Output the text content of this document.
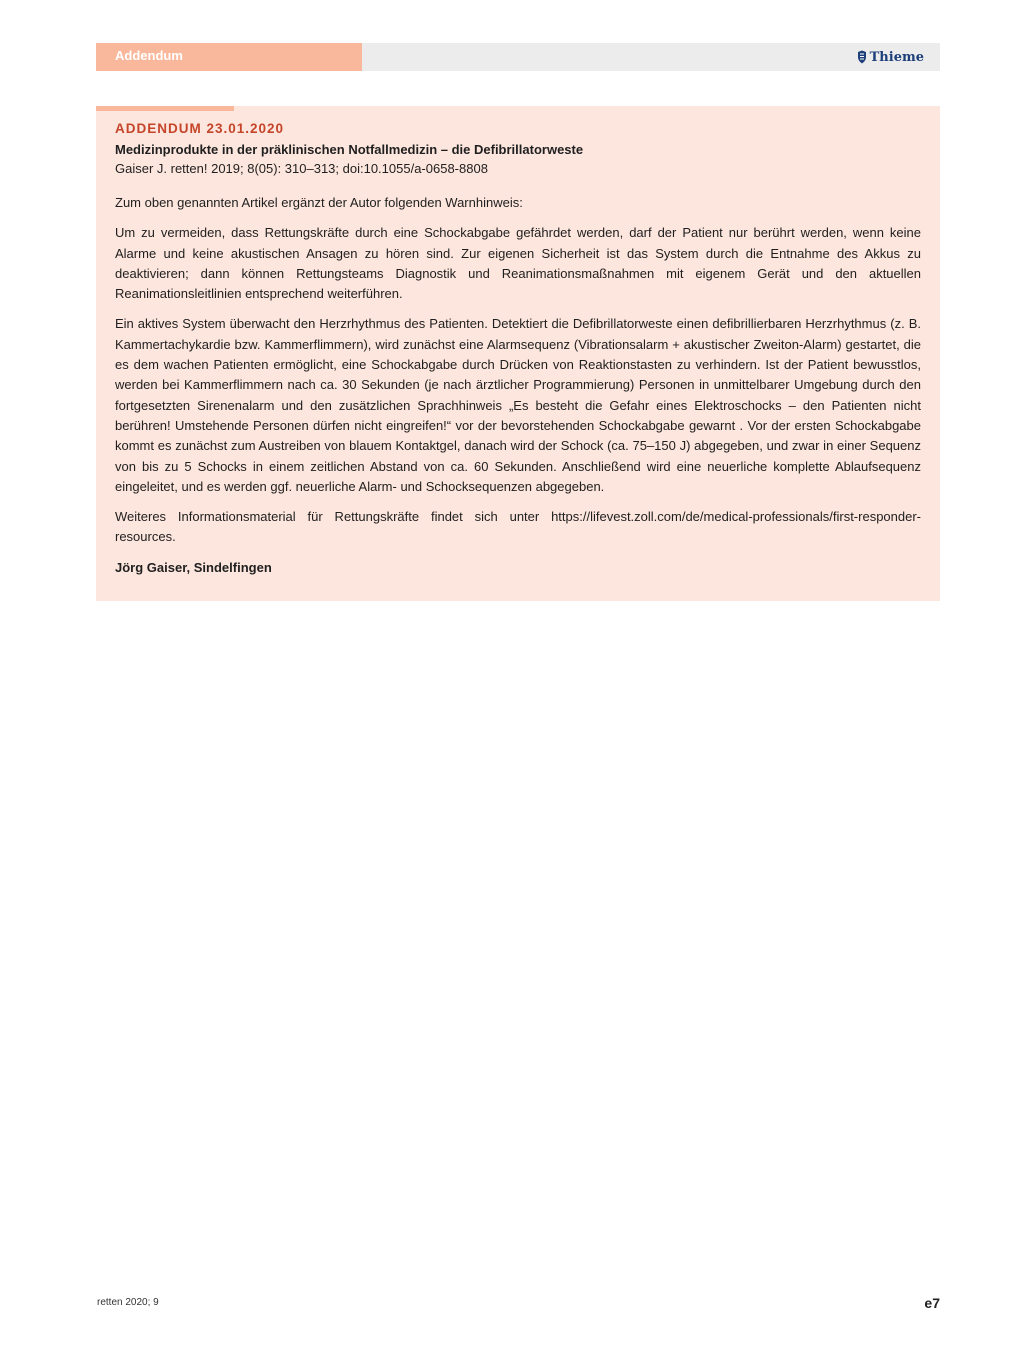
Addendum	Thieme

ADDENDUM 23.01.2020

Medizinprodukte in der präklinischen Notfallmedizin – die Defibrillatorweste

Gaiser J. retten! 2019; 8(05): 310–313; doi:10.1055/a-0658-8808

Zum oben genannten Artikel ergänzt der Autor folgenden Warnhinweis:

Um zu vermeiden, dass Rettungskräfte durch eine Schockabgabe gefährdet werden, darf der Patient nur berührt werden, wenn keine Alarme und keine akustischen Ansagen zu hören sind. Zur eigenen Sicherheit ist das System durch die Entnahme des Akkus zu deaktivieren; dann können Rettungsteams Diagnostik und Reanimationsmaßnahmen mit eigenem Gerät und den aktuellen Reanimationsleitlinien entsprechend weiterführen.

Ein aktives System überwacht den Herzrhythmus des Patienten. Detektiert die Defibrillatorweste einen defibrillierbaren Herzrhythmus (z. B. Kammertachykardie bzw. Kammerflimmern), wird zunächst eine Alarmsequenz (Vibrationsalarm + akustischer Zweiton-Alarm) gestartet, die es dem wachen Patienten ermöglicht, eine Schockabgabe durch Drücken von Reaktionstasten zu verhindern. Ist der Patient bewusstlos, werden bei Kammerflimmern nach ca. 30 Sekunden (je nach ärztlicher Programmierung) Personen in unmittelbarer Umgebung durch den fortgesetzten Sirenenalarm und den zusätzlichen Sprachhinweis „Es besteht die Gefahr eines Elektroschocks – den Patienten nicht berühren! Umstehende Personen dürfen nicht eingreifen!“ vor der bevorstehenden Schockabgabe gewarnt . Vor der ersten Schockabgabe kommt es zunächst zum Austreiben von blauem Kontaktgel, danach wird der Schock (ca. 75–150 J) abgegeben, und zwar in einer Sequenz von bis zu 5 Schocks in einem zeitlichen Abstand von ca. 60 Sekunden. Anschließend wird eine neuerliche komplette Ablaufsequenz eingeleitet, und es werden ggf. neuerliche Alarm- und Schocksequenzen abgegeben.

Weiteres Informationsmaterial für Rettungskräfte findet sich unter https://lifevest.zoll.com/de/medical-professionals/first-responder-resources.

Jörg Gaiser, Sindelfingen

retten 2020; 9	e7
